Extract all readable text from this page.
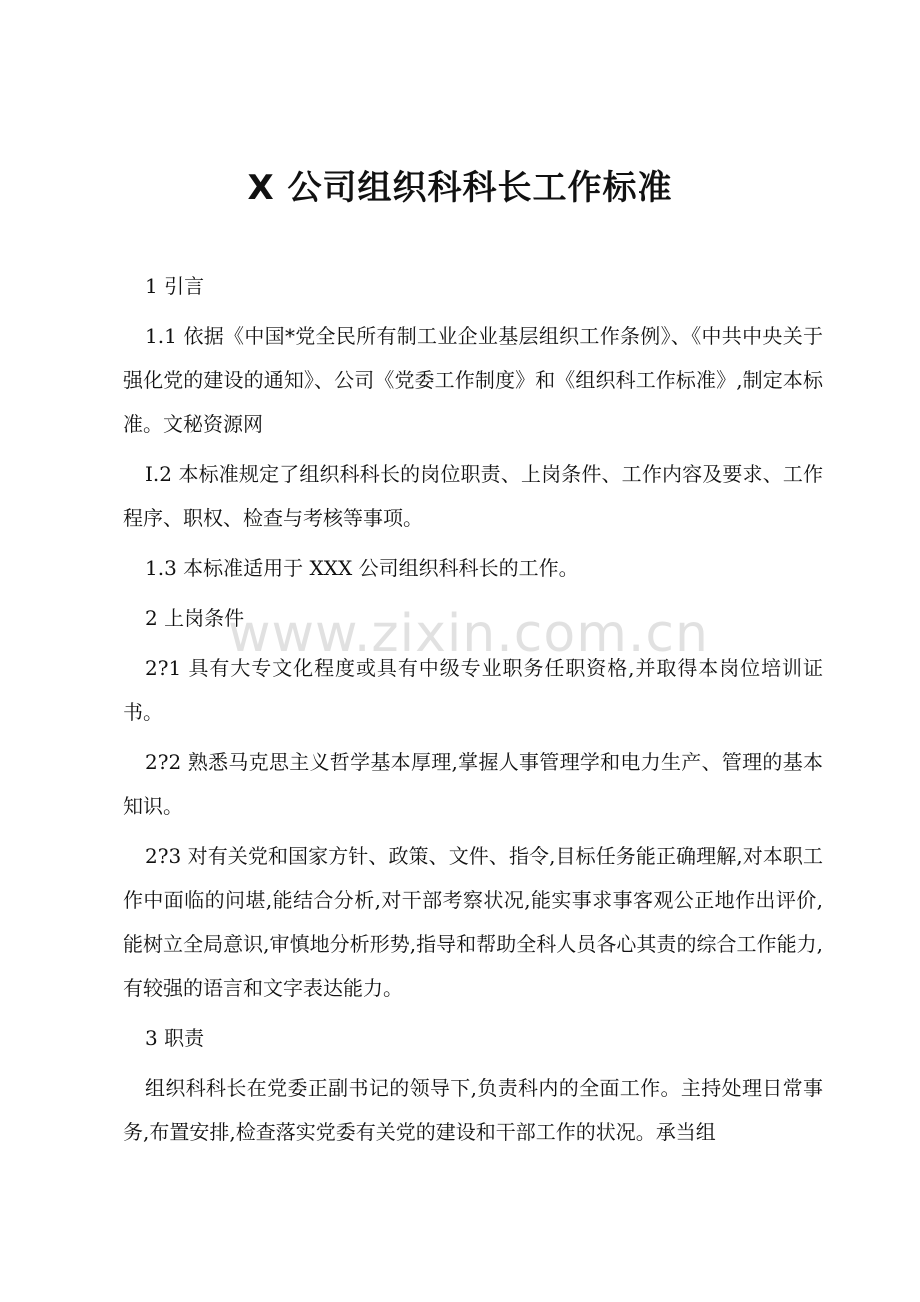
X 公司组织科科长工作标准

1 引言

1.1 依据《中国*党全民所有制工业企业基层组织工作条例》、《中共中央关于强化党的建设的通知》、公司《党委工作制度》和《组织科工作标准》,制定本标准。文秘资源网

I.2 本标准规定了组织科科长的岗位职责、上岗条件、工作内容及要求、工作程序、职权、检查与考核等事项。

1.3 本标准适用于 XXX 公司组织科科长的工作。

2 上岗条件

2?1 具有大专文化程度或具有中级专业职务任职资格,并取得本岗位培训证书。

2?2 熟悉马克思主义哲学基本厚理,掌握人事管理学和电力生产、管理的基本知识。

2?3 对有关党和国家方针、政策、文件、指令,目标任务能正确理解,对本职工作中面临的问堪,能结合分析,对干部考察状况,能实事求事客观公正地作出评价,能树立全局意识,审慎地分析形势,指导和帮助全科人员各心其责的综合工作能力,有较强的语言和文字表达能力。

3 职责

组织科科长在党委正副书记的领导下,负责科内的全面工作。主持处理日常事务,布置安排,检查落实党委有关党的建设和干部工作的状况。承当组

www.zixin.com.cn
